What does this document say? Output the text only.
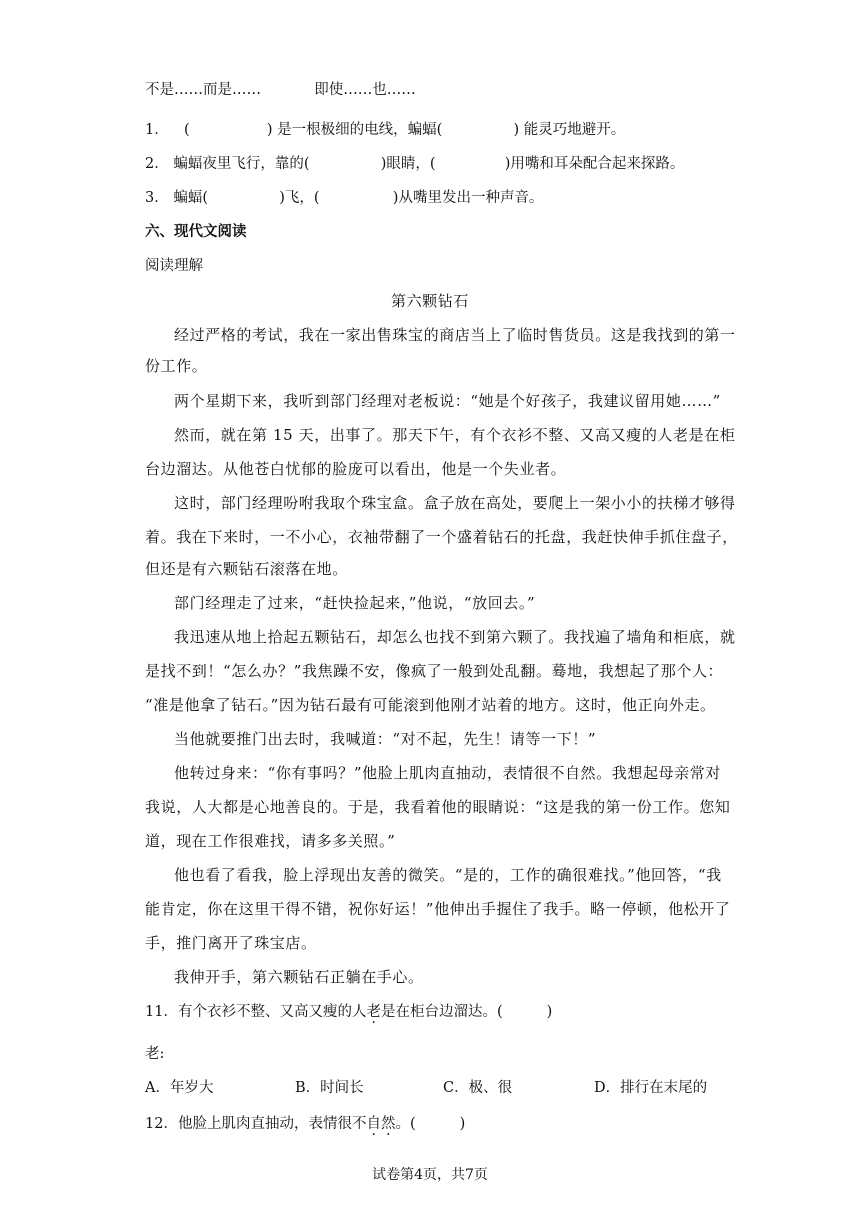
不是……而是……	即使……也……
1． (	) 是一根极细的电线，蝙蝠(	) 能灵巧地避开。
2． 蝙蝠夜里飞行，靠的(	)眼睛，(	)用嘴和耳朵配合起来探路。
3． 蝙蝠(	)飞，(	)从嘴里发出一种声音。
六、现代文阅读
阅读理解
第六颗钻石
经过严格的考试，我在一家出售珠宝的商店当上了临时售货员。这是我找到的第一
份工作。
两个星期下来，我听到部门经理对老板说：“她是个好孩子，我建议留用她……”
然而，就在第 15 天，出事了。那天下午，有个衣衫不整、又高又瘦的人老是在柜
台边溜达。从他苍白忧郁的脸庞可以看出，他是一个失业者。
这时，部门经理吩咐我取个珠宝盒。盒子放在高处，要爬上一架小小的扶梯才够得
着。我在下来时，一不小心，衣袖带翻了一个盛着钻石的托盘，我赶快伸手抓住盘子，
但还是有六颗钻石滚落在地。
部门经理走了过来，“赶快捡起来，”他说，“放回去。”
我迅速从地上拾起五颗钻石，却怎么也找不到第六颗了。我找遍了墙角和柜底，就
是找不到！“怎么办？”我焦躁不安，像疯了一般到处乱翻。蓦地，我想起了那个人：
“准是他拿了钻石。”因为钻石最有可能滚到他刚才站着的地方。这时，他正向外走。
当他就要推门出去时，我喊道：“对不起，先生！请等一下！”
他转过身来：“你有事吗？”他脸上肌肉直抽动，表情很不自然。我想起母亲常对
我说，人大都是心地善良的。于是，我看着他的眼睛说：“这是我的第一份工作。您知
道，现在工作很难找，请多多关照。”
他也看了看我，脸上浮现出友善的微笑。“是的，工作的确很难找。”他回答，“我
能肯定，你在这里干得不错，祝你好运！”他伸出手握住了我手。略一停顿，他松开了
手，推门离开了珠宝店。
我伸开手，第六颗钻石正躺在手心。
11．有个衣衫不整、又高又瘦的人老是在柜台边溜达。(	)
老:
A．年岁大	B．时间长	C．极、很	D．排行在末尾的
12．他脸上肌肉直抽动，表情很不自然。(	)
试卷第4页，共7页
